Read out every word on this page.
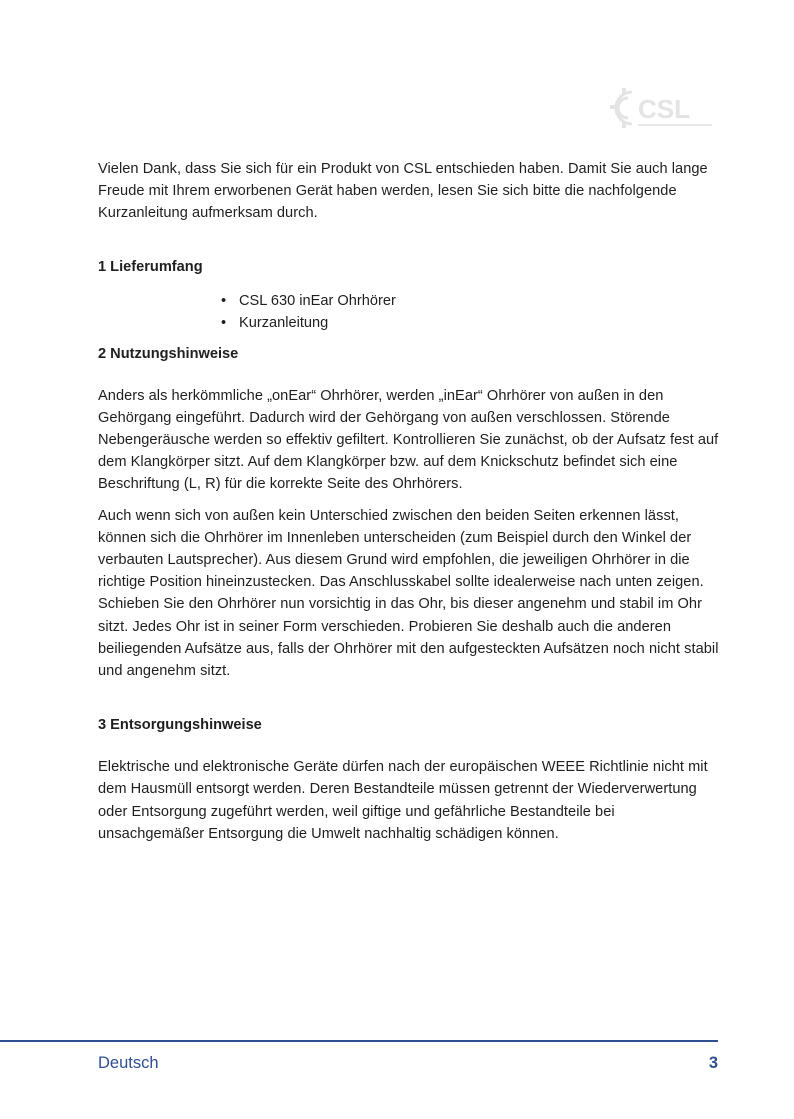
CSL

Vielen Dank, dass Sie sich für ein Produkt von CSL entschieden haben. Damit Sie auch lange Freude mit Ihrem erworbenen Gerät haben werden, lesen Sie sich bitte die nachfolgende Kurzanleitung aufmerksam durch.

1 Lieferumfang
• CSL 630 inEar Ohrhörer
• Kurzanleitung
2 Nutzungshinweise

Anders als herkömmliche „onEar“ Ohrhörer, werden „inEar“ Ohrhörer von außen in den Gehörgang eingeführt. Dadurch wird der Gehörgang von außen verschlossen. Störende Nebengeräusche werden so effektiv gefiltert. Kontrollieren Sie zunächst, ob der Aufsatz fest auf dem Klangkörper sitzt. Auf dem Klangkörper bzw. auf dem Knickschutz befindet sich eine Beschriftung (L, R) für die korrekte Seite des Ohrhörers.

Auch wenn sich von außen kein Unterschied zwischen den beiden Seiten erkennen lässt, können sich die Ohrhörer im Innenleben unterscheiden (zum Beispiel durch den Winkel der verbauten Lautsprecher). Aus diesem Grund wird empfohlen, die jeweiligen Ohrhörer in die richtige Position hineinzustecken. Das Anschlusskabel sollte idealerweise nach unten zeigen. Schieben Sie den Ohrhörer nun vorsichtig in das Ohr, bis dieser angenehm und stabil im Ohr sitzt. Jedes Ohr ist in seiner Form verschieden. Probieren Sie deshalb auch die anderen beiliegenden Aufsätze aus, falls der Ohrhörer mit den aufgesteckten Aufsätzen noch nicht stabil und angenehm sitzt.

3 Entsorgungshinweise

Elektrische und elektronische Geräte dürfen nach der europäischen WEEE Richtlinie nicht mit dem Hausmüll entsorgt werden. Deren Bestandteile müssen getrennt der Wiederverwertung oder Entsorgung zugeführt werden, weil giftige und gefährliche Bestandteile bei unsachgemäßer Entsorgung die Umwelt nachhaltig schädigen können.

Deutsch	3
